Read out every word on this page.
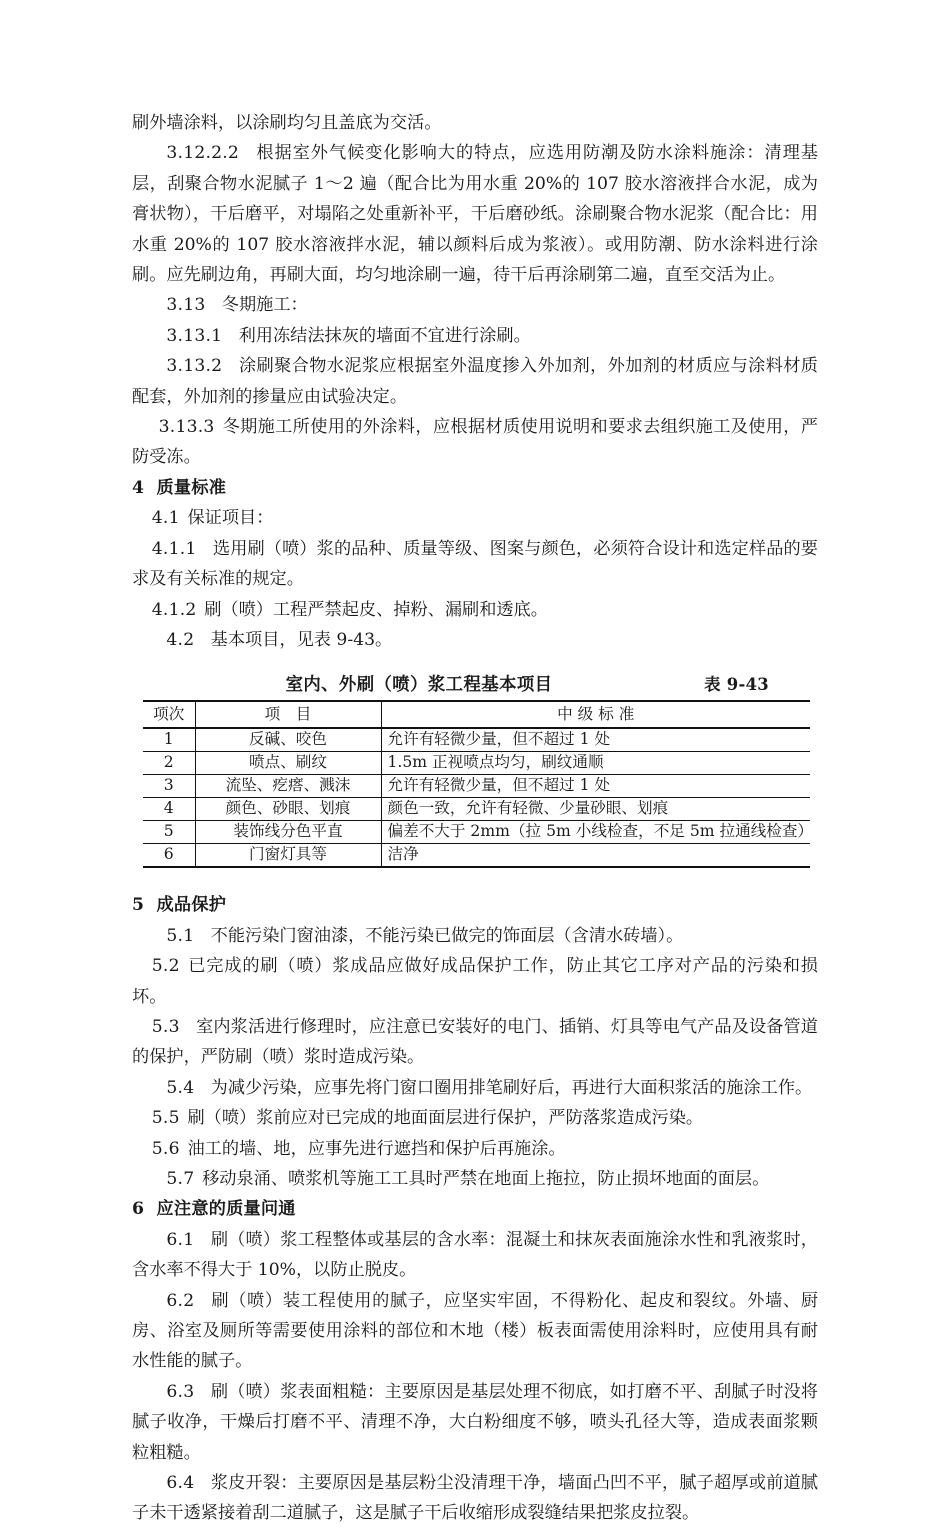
刷外墙涂料，以涂刷均匀且盖底为交活。

3.12.2.2 根据室外气候变化影响大的特点，应选用防潮及防水涂料施涂：清理基层，刮聚合物水泥腻子 1～2 遍（配合比为用水重 20%的 107 胶水溶液拌合水泥，成为膏状物），干后磨平，对塌陷之处重新补平，干后磨砂纸。涂刷聚合物水泥浆（配合比：用水重 20%的 107 胶水溶液拌水泥，辅以颜料后成为浆液）。或用防潮、防水涂料进行涂刷。应先刷边角，再刷大面，均匀地涂刷一遍，待干后再涂刷第二遍，直至交活为止。

3.13 冬期施工：

3.13.1 利用冻结法抹灰的墙面不宜进行涂刷。

3.13.2 涂刷聚合物水泥浆应根据室外温度掺入外加剂，外加剂的材质应与涂料材质配套，外加剂的掺量应由试验决定。

3.13.3 冬期施工所使用的外涂料，应根据材质使用说明和要求去组织施工及使用，严防受冻。

4 质量标准

4.1 保证项目：

4.1.1 选用刷（喷）浆的品种、质量等级、图案与颜色，必须符合设计和选定样品的要求及有关标准的规定。

4.1.2 刷（喷）工程严禁起皮、掉粉、漏刷和透底。

4.2 基本项目，见表 9-43。

室内、外刷（喷）浆工程基本项目	表 9-43
项次	项　目	中 级 标 准
1	反碱、咬色	允许有轻微少量，但不超过 1 处
2	喷点、刷纹	1.5m 正视喷点均匀，刷纹通顺
3	流坠、疙瘩、溅沫	允许有轻微少量，但不超过 1 处
4	颜色、砂眼、划痕	颜色一致，允许有轻微、少量砂眼、划痕
5	装饰线分色平直	偏差不大于 2mm（拉 5m 小线检查，不足 5m 拉通线检查）
6	门窗灯具等	洁净

5 成品保护

5.1 不能污染门窗油漆，不能污染已做完的饰面层（含清水砖墙）。

5.2 已完成的刷（喷）浆成品应做好成品保护工作，防止其它工序对产品的污染和损坏。

5.3 室内浆活进行修理时，应注意已安装好的电门、插销、灯具等电气产品及设备管道的保护，严防刷（喷）浆时造成污染。

5.4 为减少污染，应事先将门窗口圈用排笔刷好后，再进行大面积浆活的施涂工作。

5.5 刷（喷）浆前应对已完成的地面面层进行保护，严防落浆造成污染。

5.6 油工的墙、地，应事先进行遮挡和保护后再施涂。

5.7 移动泉涌、喷浆机等施工工具时严禁在地面上拖拉，防止损坏地面的面层。

6 应注意的质量问通

6.1 刷（喷）浆工程整体或基层的含水率：混凝土和抹灰表面施涂水性和乳液浆时，含水率不得大于 10%，以防止脱皮。

6.2 刷（喷）装工程使用的腻子，应坚实牢固，不得粉化、起皮和裂纹。外墙、厨房、浴室及厕所等需要使用涂料的部位和木地（楼）板表面需使用涂料时，应使用具有耐水性能的腻子。

6.3 刷（喷）浆表面粗糙：主要原因是基层处理不彻底，如打磨不平、刮腻子时没将腻子收净，干燥后打磨不平、清理不净，大白粉细度不够，喷头孔径大等，造成表面浆颗粒粗糙。

6.4 浆皮开裂：主要原因是基层粉尘没清理干净，墙面凸凹不平，腻子超厚或前道腻子未干透紧接着刮二道腻子，这是腻子干后收缩形成裂缝结果把浆皮拉裂。
